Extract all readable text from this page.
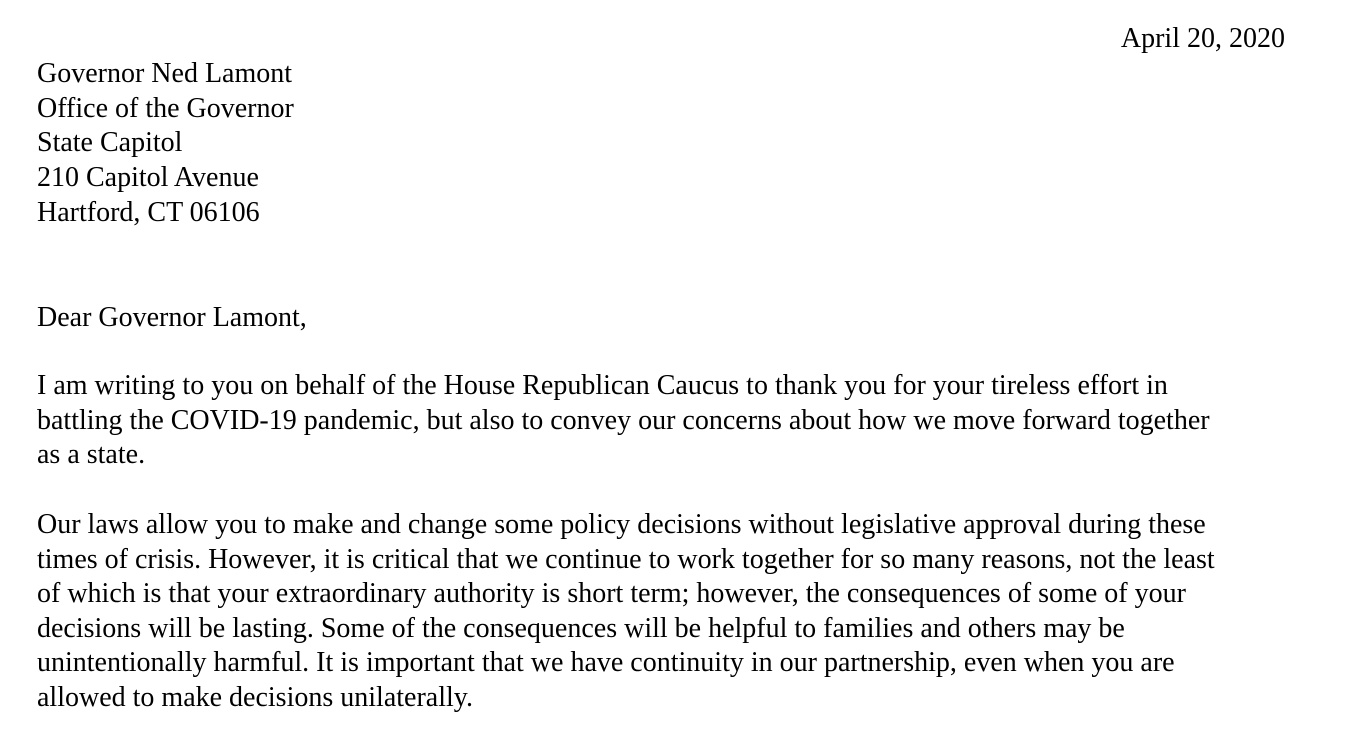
April 20, 2020
Governor Ned Lamont
Office of the Governor
State Capitol
210 Capitol Avenue
Hartford, CT 06106
Dear Governor Lamont,
I am writing to you on behalf of the House Republican Caucus to thank you for your tireless effort in
battling the COVID-19 pandemic, but also to convey our concerns about how we move forward together
as a state.
Our laws allow you to make and change some policy decisions without legislative approval during these
times of crisis. However, it is critical that we continue to work together for so many reasons, not the least
of which is that your extraordinary authority is short term; however, the consequences of some of your
decisions will be lasting. Some of the consequences will be helpful to families and others may be
unintentionally harmful. It is important that we have continuity in our partnership, even when you are
allowed to make decisions unilaterally.
